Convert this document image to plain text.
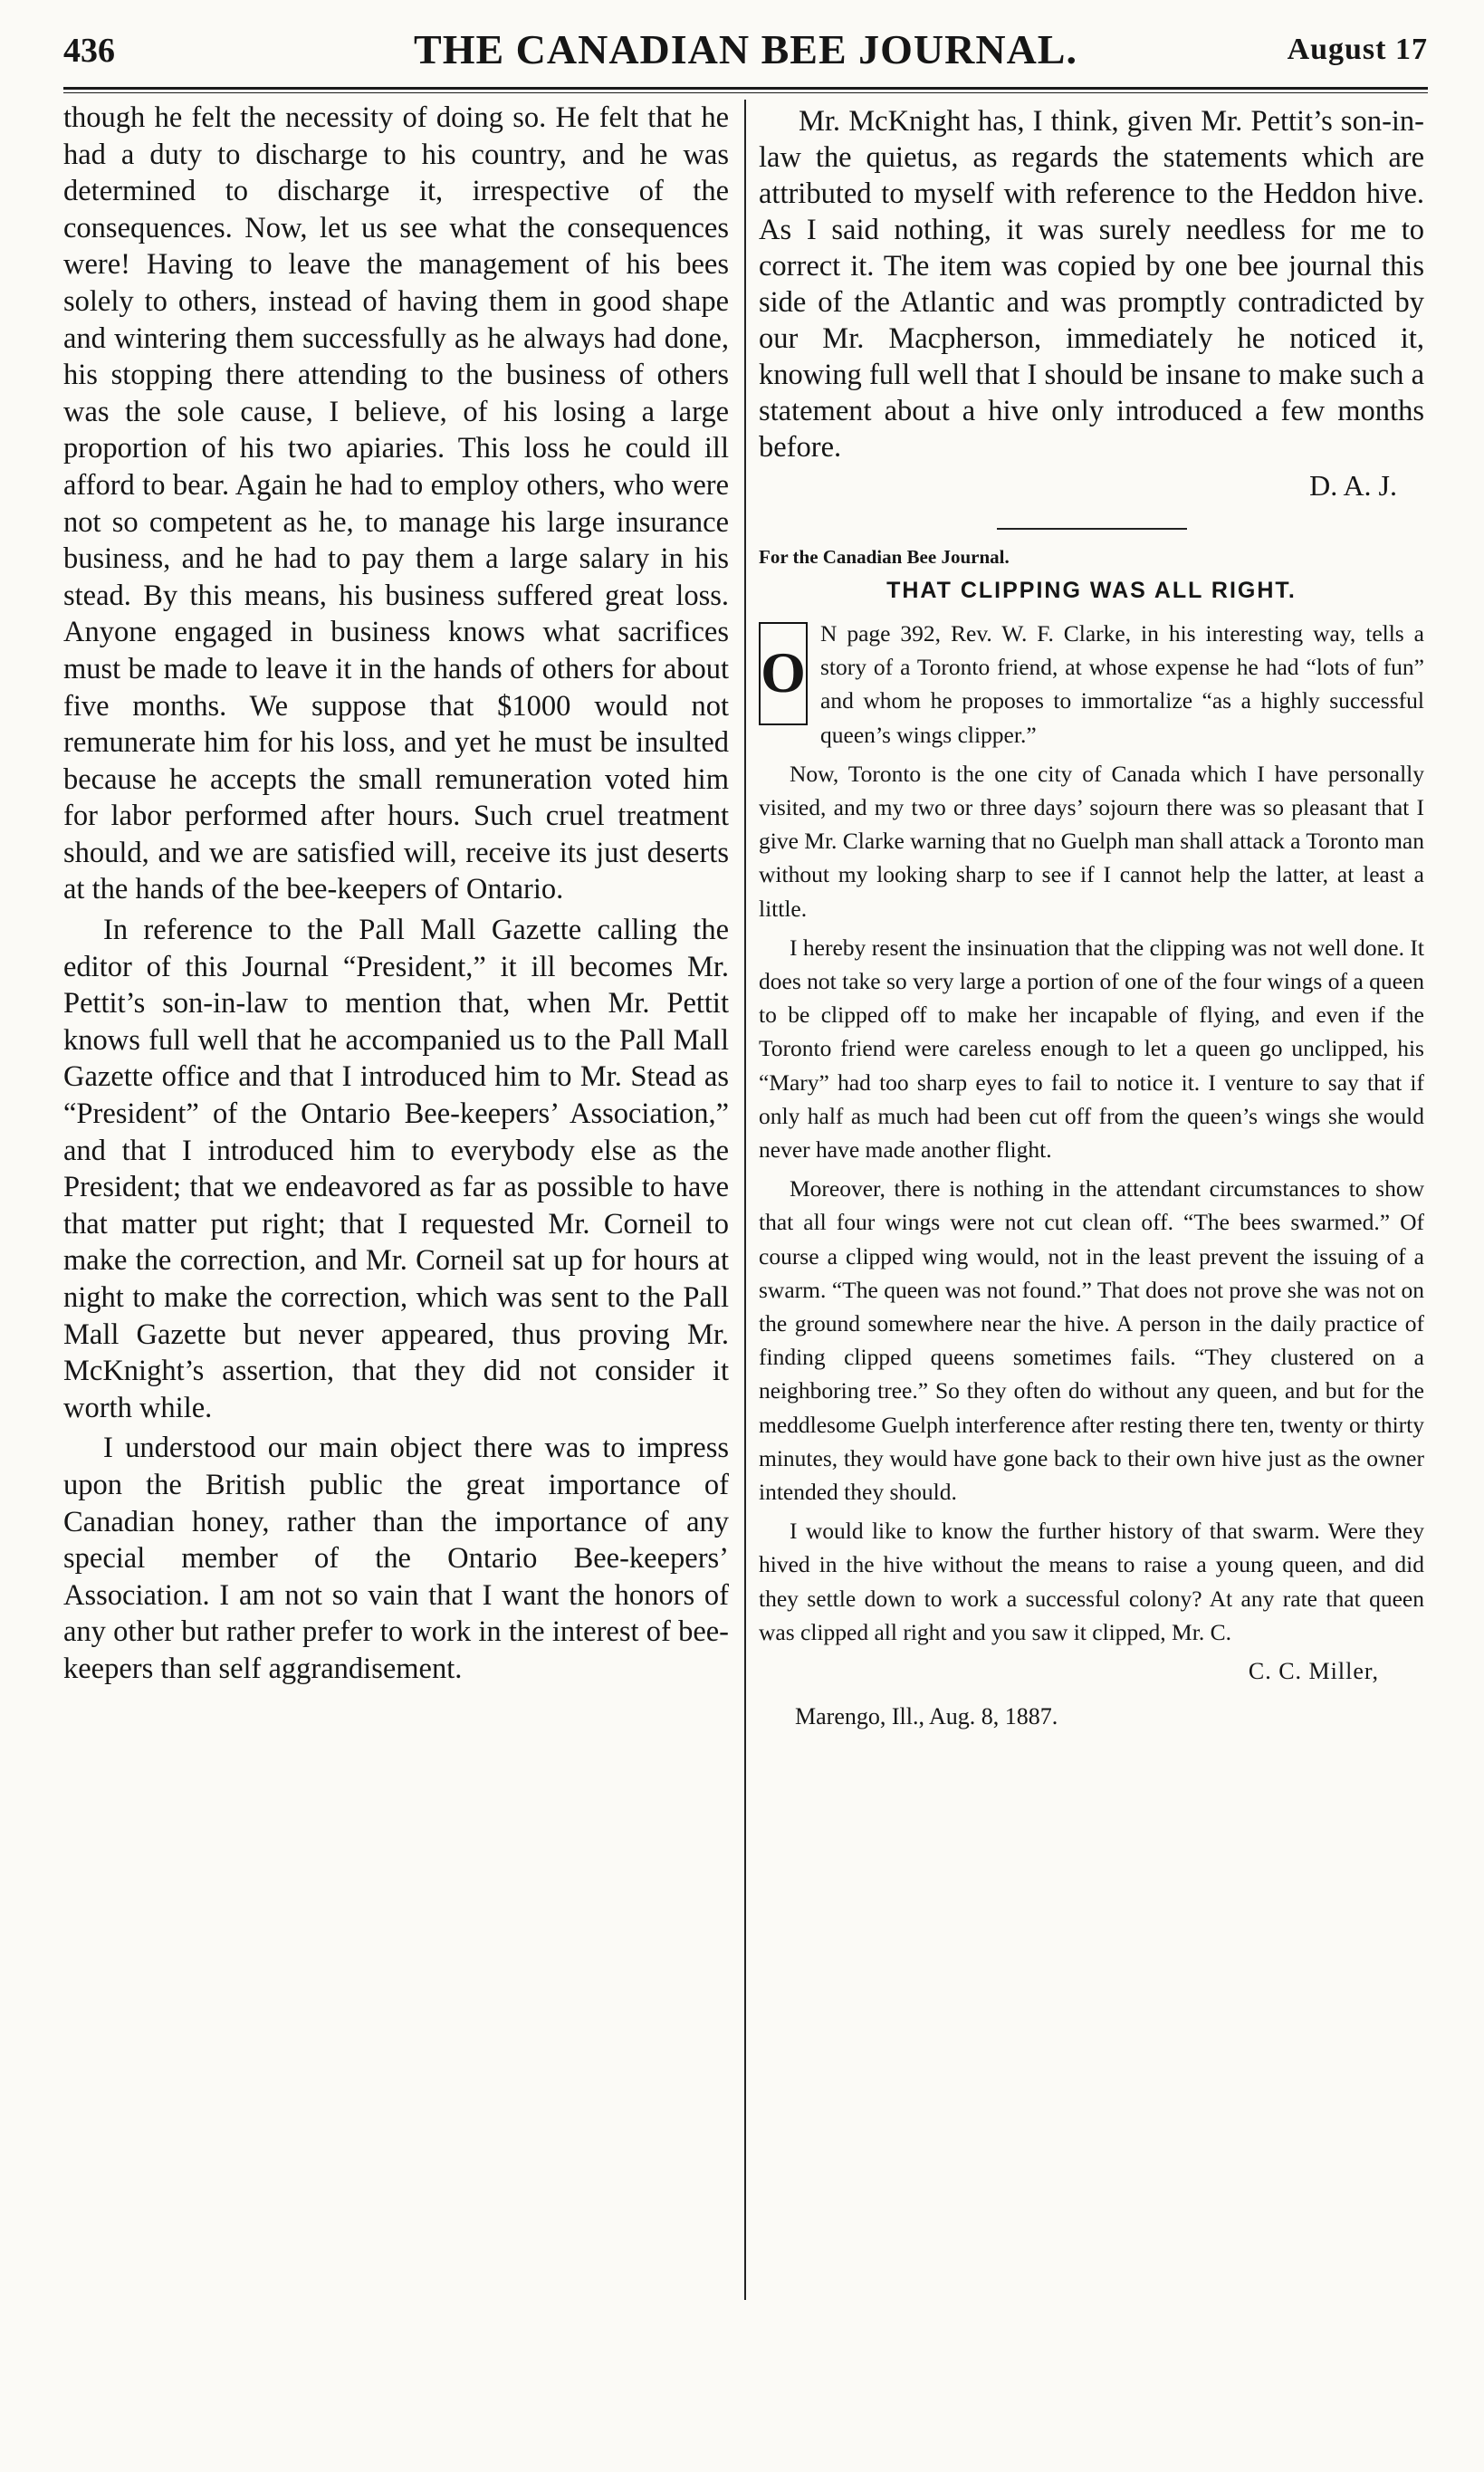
436	THE CANADIAN BEE JOURNAL.	August 17

though he felt the necessity of doing so. He felt that he had a duty to discharge to his country, and he was determined to discharge it, irrespective of the consequences. Now, let us see what the consequences were! Having to leave the management of his bees solely to others, instead of having them in good shape and wintering them successfully as he always had done, his stopping there attending to the business of others was the sole cause, I believe, of his losing a large proportion of his two apiaries. This loss he could ill afford to bear. Again he had to employ others, who were not so competent as he, to manage his large insurance business, and he had to pay them a large salary in his stead. By this means, his business suffered great loss. Anyone engaged in business knows what sacrifices must be made to leave it in the hands of others for about five months. We suppose that $1000 would not remunerate him for his loss, and yet he must be insulted because he accepts the small remuneration voted him for labor performed after hours. Such cruel treatment should, and we are satisfied will, receive its just deserts at the hands of the bee-keepers of Ontario.

In reference to the Pall Mall Gazette calling the editor of this Journal “President,” it ill becomes Mr. Pettit’s son-in-law to mention that, when Mr. Pettit knows full well that he accompanied us to the Pall Mall Gazette office and that I introduced him to Mr. Stead as “President” of the Ontario Bee-keepers’ Association,” and that I introduced him to everybody else as the President; that we endeavored as far as possible to have that matter put right; that I requested Mr. Corneil to make the correction, and Mr. Corneil sat up for hours at night to make the correction, which was sent to the Pall Mall Gazette but never appeared, thus proving Mr. McKnight’s assertion, that they did not consider it worth while.

I understood our main object there was to impress upon the British public the great importance of Canadian honey, rather than the importance of any special member of the Ontario Bee-keepers’ Association. I am not so vain that I want the honors of any other but rather prefer to work in the interest of bee-keepers than self aggrandisement.

Mr. McKnight has, I think, given Mr. Pettit’s son-in-law the quietus, as regards the statements which are attributed to myself with reference to the Heddon hive. As I said nothing, it was surely needless for me to correct it. The item was copied by one bee journal this side of the Atlantic and was promptly contradicted by our Mr. Macpherson, immediately he noticed it, knowing full well that I should be insane to make such a statement about a hive only introduced a few months before.

D. A. J.
For the Canadian Bee Journal.
THAT CLIPPING WAS ALL RIGHT.
O

N page 392, Rev. W. F. Clarke, in his interesting way, tells a story of a Toronto friend, at whose expense he had “lots of fun” and whom he proposes to immortalize “as a highly successful queen’s wings clipper.”

Now, Toronto is the one city of Canada which I have personally visited, and my two or three days’ sojourn there was so pleasant that I give Mr. Clarke warning that no Guelph man shall attack a Toronto man without my looking sharp to see if I cannot help the latter, at least a little.

I hereby resent the insinuation that the clipping was not well done. It does not take so very large a portion of one of the four wings of a queen to be clipped off to make her incapable of flying, and even if the Toronto friend were careless enough to let a queen go unclipped, his “Mary” had too sharp eyes to fail to notice it. I venture to say that if only half as much had been cut off from the queen’s wings she would never have made another flight.

Moreover, there is nothing in the attendant circumstances to show that all four wings were not cut clean off. “The bees swarmed.” Of course a clipped wing would, not in the least prevent the issuing of a swarm. “The queen was not found.” That does not prove she was not on the ground somewhere near the hive. A person in the daily practice of finding clipped queens sometimes fails. “They clustered on a neighboring tree.” So they often do without any queen, and but for the meddlesome Guelph interference after resting there ten, twenty or thirty minutes, they would have gone back to their own hive just as the owner intended they should.

I would like to know the further history of that swarm. Were they hived in the hive without the means to raise a young queen, and did they settle down to work a successful colony? At any rate that queen was clipped all right and you saw it clipped, Mr. C.

C. C. Miller,
Marengo, Ill., Aug. 8, 1887.
